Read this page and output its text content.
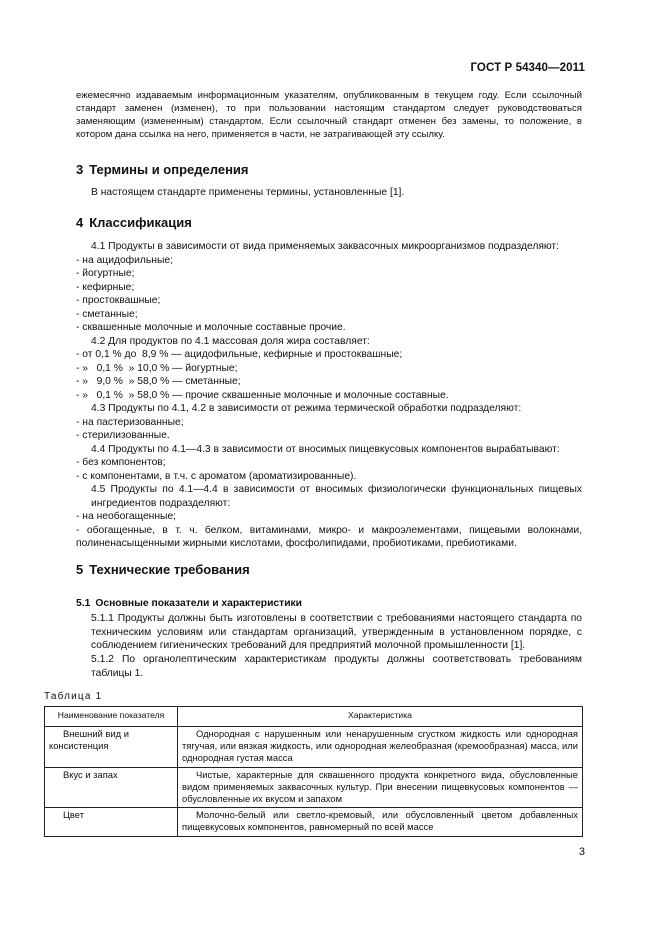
ГОСТ Р 54340—2011
ежемесячно издаваемым информационным указателям, опубликованным в текущем году. Если ссылочный стандарт заменен (изменен), то при пользовании настоящим стандартом следует руководствоваться заменяющим (измененным) стандартом. Если ссылочный стандарт отменен без замены, то положение, в котором дана ссылка на него, применяется в части, не затрагивающей эту ссылку.
3 Термины и определения
В настоящем стандарте применены термины, установленные [1].
4 Классификация
4.1 Продукты в зависимости от вида применяемых заквасочных микроорганизмов подразделяют:
- на ацидофильные;
- йогуртные;
- кефирные;
- простоквашные;
- сметанные;
- сквашенные молочные и молочные составные прочие.
4.2 Для продуктов по 4.1 массовая доля жира составляет:
- от 0,1 % до  8,9 % — ацидофильные, кефирные и простоквашные;
- »   0,1 %  » 10,0 % — йогуртные;
- »   9,0 %  » 58,0 % — сметанные;
- »   0,1 %  » 58,0 % — прочие сквашенные молочные и молочные составные.
4.3 Продукты по 4.1, 4.2 в зависимости от режима термической обработки подразделяют:
- на пастеризованные;
- стерилизованные.
4.4 Продукты по 4.1—4.3 в зависимости от вносимых пищевкусовых компонентов вырабатывают:
- без компонентов;
- с компонентами, в т.ч. с ароматом (ароматизированные).
4.5 Продукты по 4.1—4.4 в зависимости от вносимых физиологически функциональных пищевых ингредиентов подразделяют:
- на необогащенные;
- обогащенные, в т. ч. белком, витаминами, микро- и макроэлементами, пищевыми волокнами, полиненасыщенными жирными кислотами, фосфолипидами, пробиотиками, пребиотиками.
5 Технические требования
5.1 Основные показатели и характеристики
5.1.1 Продукты должны быть изготовлены в соответствии с требованиями настоящего стандарта по техническим условиям или стандартам организаций, утвержденным в установленном порядке, с соблюдением гигиенических требований для предприятий молочной промышленности [1].
5.1.2 По органолептическим характеристикам продукты должны соответствовать требованиям таблицы 1.
Таблица 1
Наименование показателя	Характеристика

Внешний вид и консистенция	Однородная с нарушенным или ненарушенным сгустком жидкость или однородная тягучая, или вязкая жидкость, или однородная желеобразная (кремообразная) масса, или однородная густая масса

Вкус и запах	Чистые, характерные для сквашенного продукта конкретного вида, обусловленные видом применяемых заквасочных культур. При внесении пищевкусовых компонентов — обусловленные их вкусом и запахом

Цвет	Молочно-белый или светло-кремовый, или обусловленный цветом добавленных пищевкусовых компонентов, равномерный по всей массе
3
